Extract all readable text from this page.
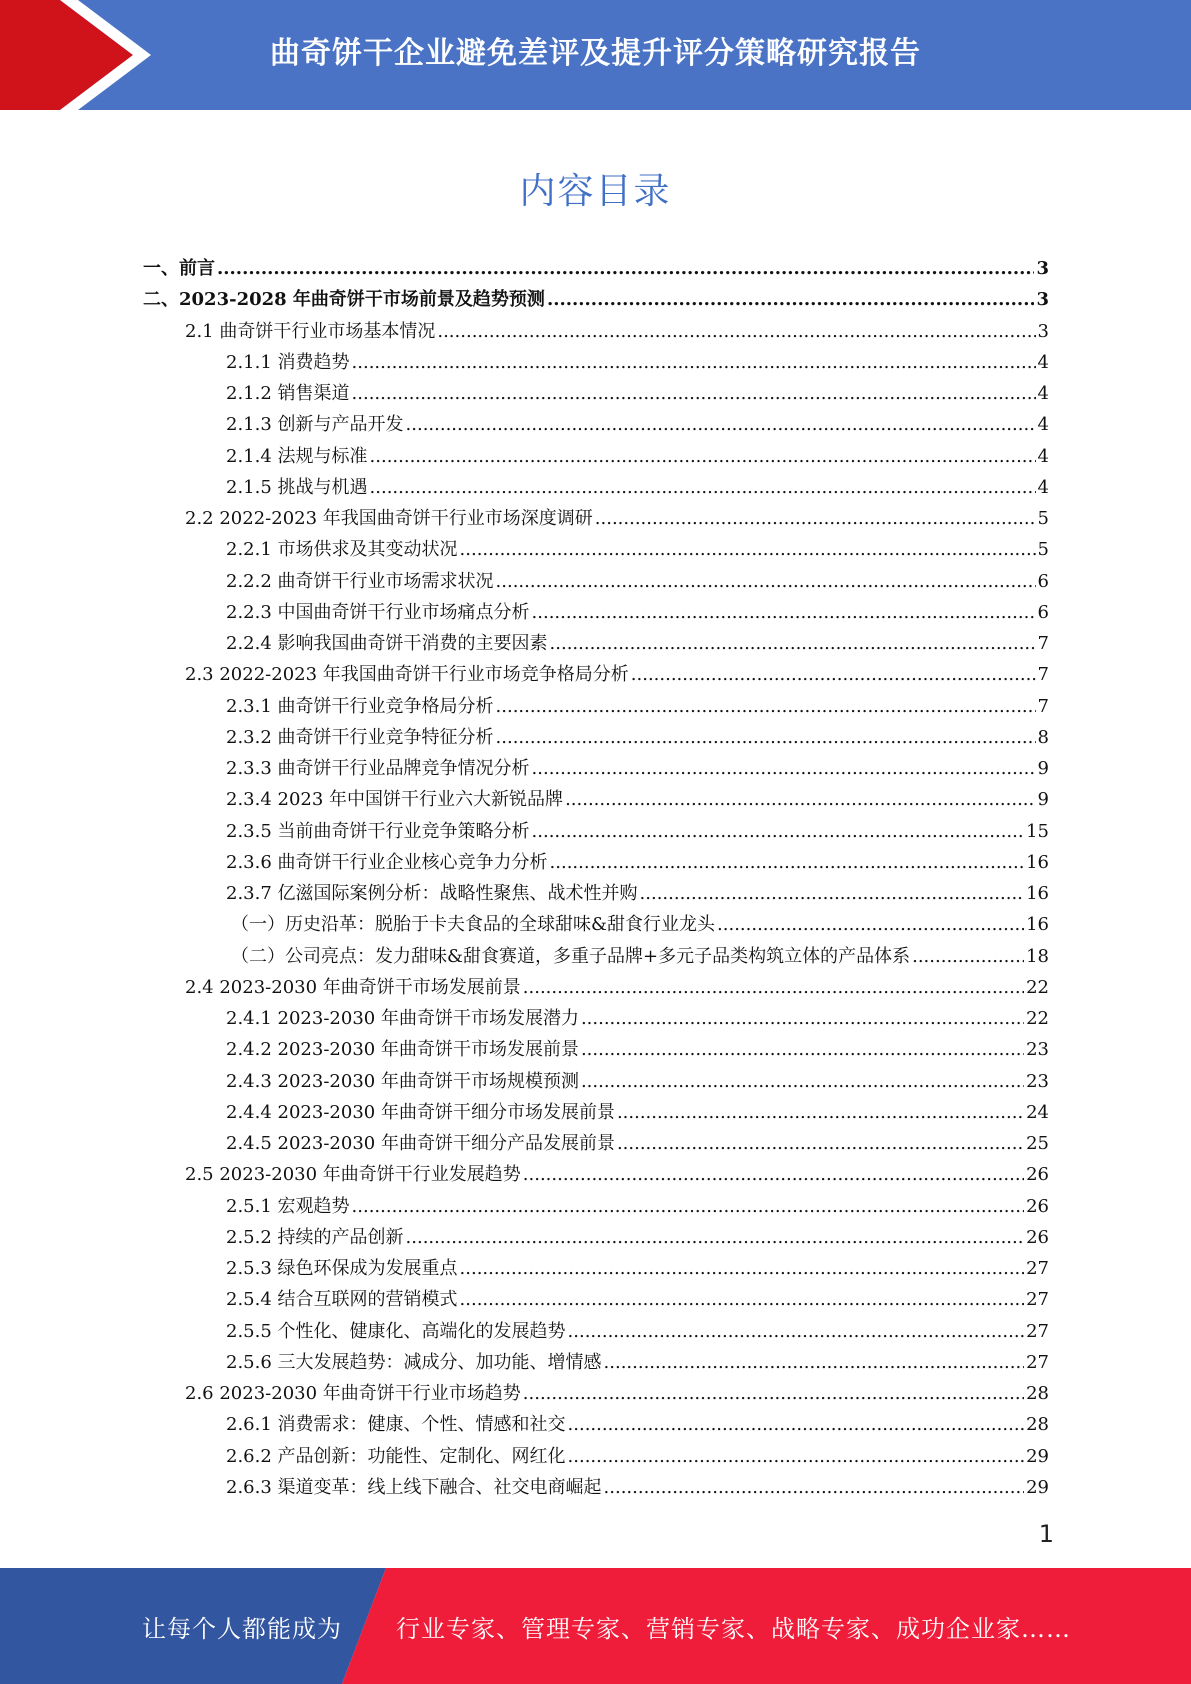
曲奇饼干企业避免差评及提升评分策略研究报告
内容目录
一、前言 .....	3
二、2023-2028 年曲奇饼干市场前景及趋势预测 .....	3
2.1 曲奇饼干行业市场基本情况 .....	3
2.1.1 消费趋势 .....	4
2.1.2 销售渠道 .....	4
2.1.3 创新与产品开发 .....	4
2.1.4 法规与标准 .....	4
2.1.5 挑战与机遇 .....	4
2.2 2022-2023 年我国曲奇饼干行业市场深度调研 .....	5
2.2.1 市场供求及其变动状况 .....	5
2.2.2 曲奇饼干行业市场需求状况 .....	6
2.2.3 中国曲奇饼干行业市场痛点分析 .....	6
2.2.4 影响我国曲奇饼干消费的主要因素 .....	7
2.3 2022-2023 年我国曲奇饼干行业市场竞争格局分析 .....	7
2.3.1 曲奇饼干行业竞争格局分析 .....	7
2.3.2 曲奇饼干行业竞争特征分析 .....	8
2.3.3 曲奇饼干行业品牌竞争情况分析 .....	9
2.3.4 2023 年中国饼干行业六大新锐品牌 .....	9
2.3.5 当前曲奇饼干行业竞争策略分析 .....	15
2.3.6 曲奇饼干行业企业核心竞争力分析 .....	16
2.3.7 亿滋国际案例分析：战略性聚焦、战术性并购 .....	16
（一）历史沿革：脱胎于卡夫食品的全球甜味&甜食行业龙头 .....	16
（二）公司亮点：发力甜味&甜食赛道，多重子品牌+多元子品类构筑立体的产品体系 .....	18
2.4 2023-2030 年曲奇饼干市场发展前景 .....	22
2.4.1 2023-2030 年曲奇饼干市场发展潜力 .....	22
2.4.2 2023-2030 年曲奇饼干市场发展前景 .....	23
2.4.3 2023-2030 年曲奇饼干市场规模预测 .....	23
2.4.4 2023-2030 年曲奇饼干细分市场发展前景 .....	24
2.4.5 2023-2030 年曲奇饼干细分产品发展前景 .....	25
2.5 2023-2030 年曲奇饼干行业发展趋势 .....	26
2.5.1 宏观趋势 .....	26
2.5.2 持续的产品创新 .....	26
2.5.3 绿色环保成为发展重点 .....	27
2.5.4 结合互联网的营销模式 .....	27
2.5.5 个性化、健康化、高端化的发展趋势 .....	27
2.5.6 三大发展趋势：减成分、加功能、增情感 .....	27
2.6 2023-2030 年曲奇饼干行业市场趋势 .....	28
2.6.1 消费需求：健康、个性、情感和社交 .....	28
2.6.2 产品创新：功能性、定制化、网红化 .....	29
2.6.3 渠道变革：线上线下融合、社交电商崛起 .....	29
1
让每个人都能成为 行业专家、管理专家、营销专家、战略专家、成功企业家……
